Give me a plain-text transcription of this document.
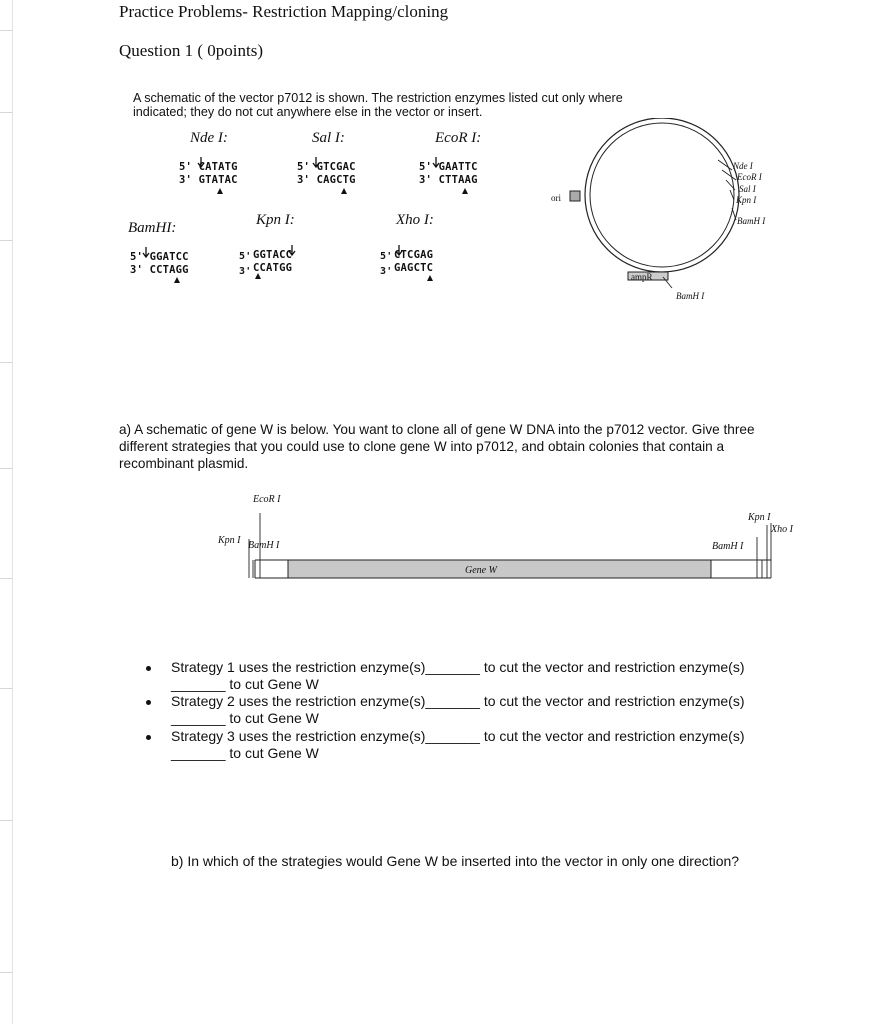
Practice Problems- Restriction Mapping/cloning
Question 1 ( 0points)
A schematic of the vector p7012 is shown. The restriction enzymes listed cut only where indicated; they do not cut anywhere else in the vector or insert.
Nde I:	Sal I:	EcoR I:
5' CATATG
3' GTATAC
5' GTCGAC
3' CAGCTG
5' GAATTC
3' CTTAAG
BamHI:	Kpn I:	Xho I:
5' GGATCC
3' CCTAGG
5'
3'
GGTACC
CCATGG
5'
3'
CTCGAG
GAGCTC
ori
ampR
Nde I
EcoR I
Sal I
Kpn I
BamH I
BamH I
a) A schematic of gene W is below. You want to clone all of gene W DNA into the p7012 vector. Give three different strategies that you could use to clone gene W into p7012, and obtain colonies that contain a recombinant plasmid.
EcoR I
Kpn I BamH I
Kpn I
Xho I
BamH I
Gene W
Strategy 1 uses the restriction enzyme(s)_______ to cut the vector and restriction enzyme(s)
_______ to cut Gene W
Strategy 2 uses the restriction enzyme(s)_______ to cut the vector and restriction enzyme(s)
_______ to cut Gene W
Strategy 3 uses the restriction enzyme(s)_______ to cut the vector and restriction enzyme(s)
_______ to cut Gene W
b) In which of the strategies would Gene W be inserted into the vector in only one direction?
